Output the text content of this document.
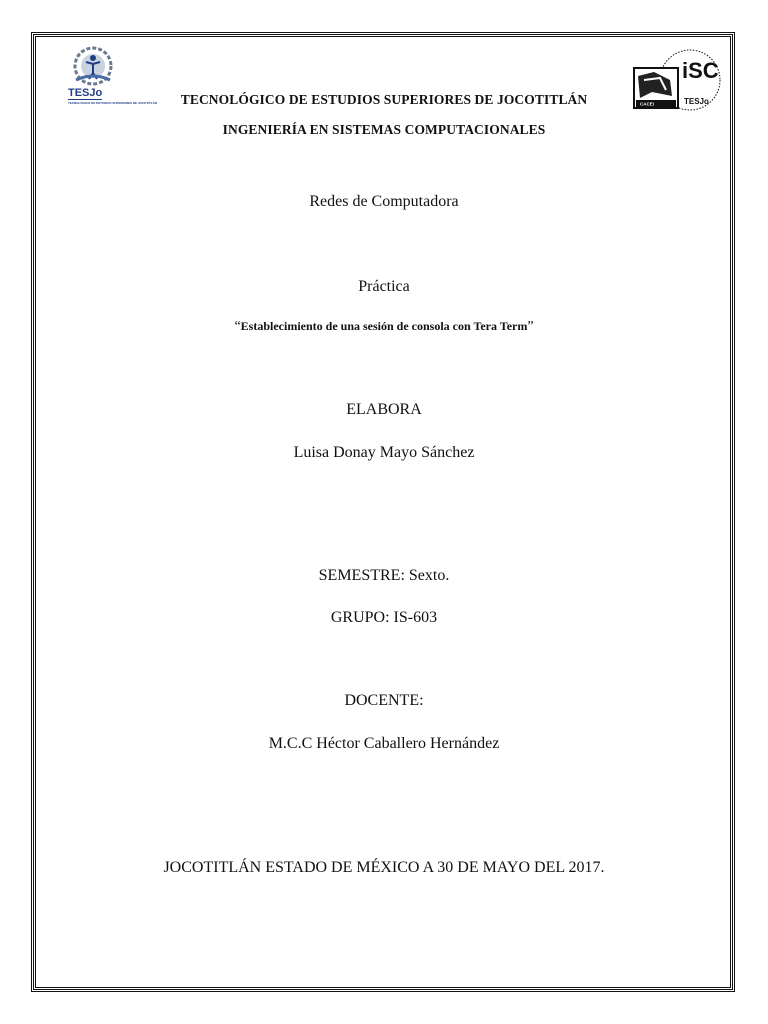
TESJo
TECNOLÓGICO DE ESTUDIOS SUPERIORES DE JOCOTITLÁN	CACEI
iSC
TESJo
TECNOLÓGICO DE ESTUDIOS SUPERIORES DE JOCOTITLÁN
INGENIERÍA EN SISTEMAS COMPUTACIONALES
Redes de Computadora
Práctica
“Establecimiento de una sesión de consola con Tera Term”
ELABORA
Luisa Donay Mayo Sánchez
SEMESTRE: Sexto.
GRUPO: IS-603
DOCENTE:
M.C.C Héctor Caballero Hernández
JOCOTITLÁN ESTADO DE MÉXICO A 30 DE MAYO DEL 2017.
